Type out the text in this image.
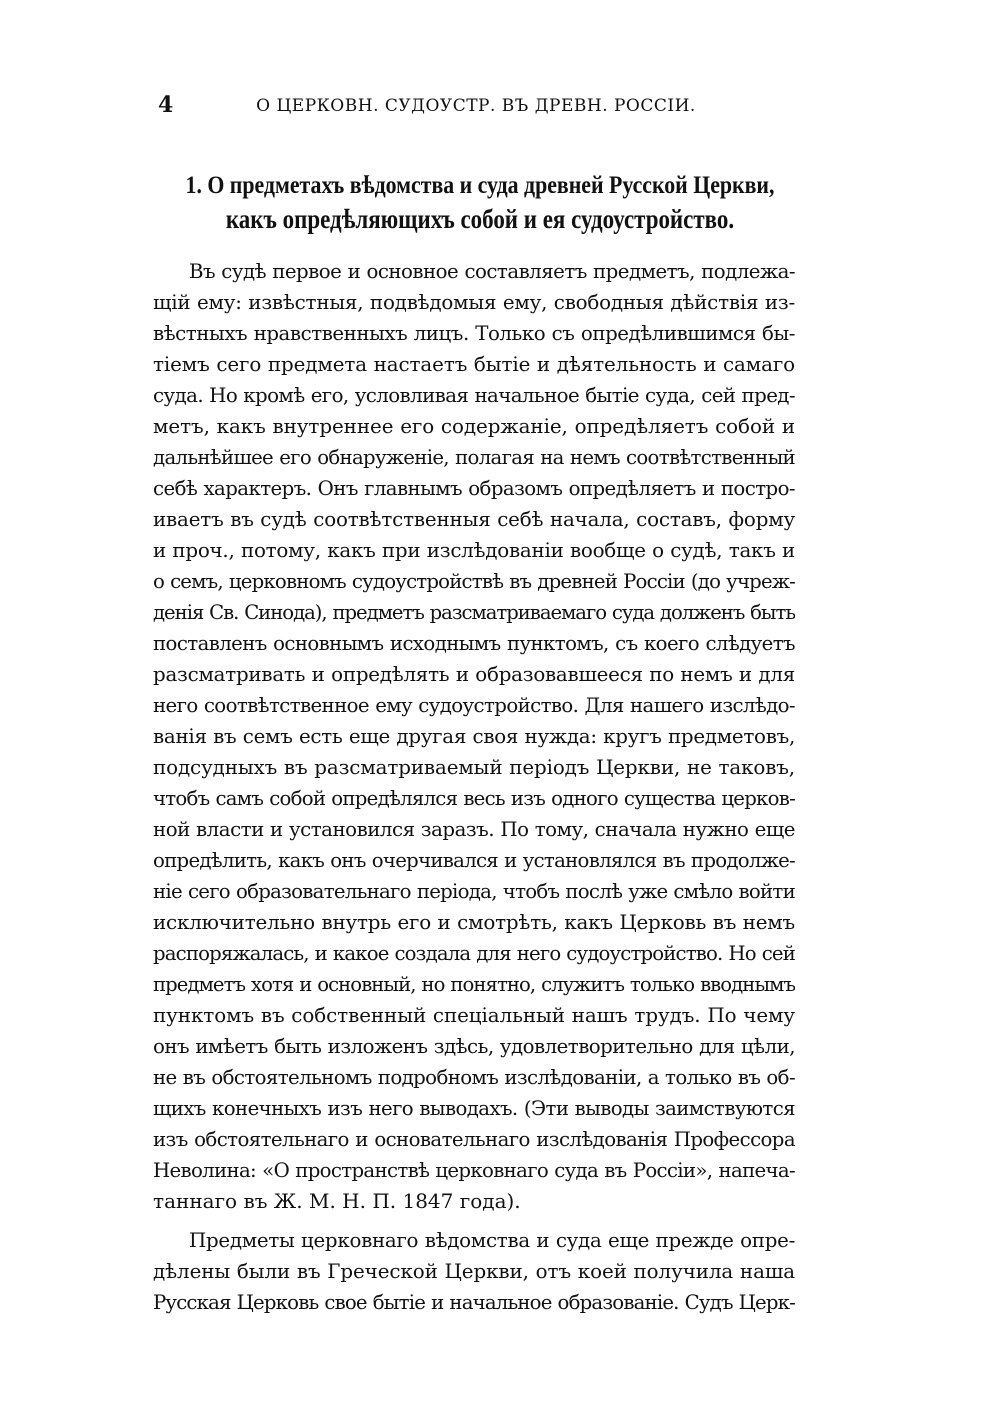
4	О ЦЕРКОВН. СУДОУСТР. ВЪ ДРЕВН. РОССІИ.
1. О предметахъ вѣдомства и суда древней Русской Церкви,
какъ опредѣляющихъ собой и ея судоустройство.

Въ судѣ первое и основное составляетъ предметъ, подлежа-
щій ему: извѣстныя, подвѣдомыя ему, свободныя дѣйствія из-
вѣстныхъ нравственныхъ лицъ. Только съ опредѣлившимся бы-
тіемъ сего предмета настаетъ бытіе и дѣятельность и самаго
суда. Но кромѣ его, условливая начальное бытіе суда, сей пред-
метъ, какъ внутреннее его содержаніе, опредѣляетъ собой и
дальнѣйшее его обнаруженіе, полагая на немъ соотвѣтственный
себѣ характеръ. Онъ главнымъ образомъ опредѣляетъ и постро-
иваетъ въ судѣ соотвѣтственныя себѣ начала, составъ, форму
и проч., потому, какъ при изслѣдованіи вообще о судѣ, такъ и
о семъ, церковномъ судоустройствѣ въ древней Россіи (до учреж-
денія Св. Синода), предметъ разсматриваемаго суда долженъ быть
поставленъ основнымъ исходнымъ пунктомъ, съ коего слѣдуетъ
разсматривать и опредѣлять и образовавшееся по немъ и для
него соотвѣтственное ему судоустройство. Для нашего изслѣдо-
ванія въ семъ есть еще другая своя нужда: кругъ предметовъ,
подсудныхъ въ разсматриваемый періодъ Церкви, не таковъ,
чтобъ самъ собой опредѣлялся весь изъ одного существа церков-
ной власти и установился заразъ. По тому, сначала нужно еще
опредѣлить, какъ онъ очерчивался и установлялся въ продолже-
ніе сего образовательнаго періода, чтобъ послѣ уже смѣло войти
исключительно внутрь его и смотрѣть, какъ Церковь въ немъ
распоряжалась, и какое создала для него судоустройство. Но сей
предметъ хотя и основный, но понятно, служитъ только вводнымъ
пунктомъ въ собственный спеціальный нашъ трудъ. По чему
онъ имѣетъ быть изложенъ здѣсь, удовлетворительно для цѣли,
не въ обстоятельномъ подробномъ изслѣдованіи, а только въ об-
щихъ конечныхъ изъ него выводахъ. (Эти выводы заимствуются
изъ обстоятельнаго и основательнаго изслѣдованія Профессора
Неволина: «О пространствѣ церковнаго суда въ Россіи», напеча-
таннаго въ Ж. М. Н. П. 1847 года).

Предметы церковнаго вѣдомства и суда еще прежде опре-
дѣлены были въ Греческой Церкви, отъ коей получила наша
Русская Церковь свое бытіе и начальное образованіе. Судъ Церк-
